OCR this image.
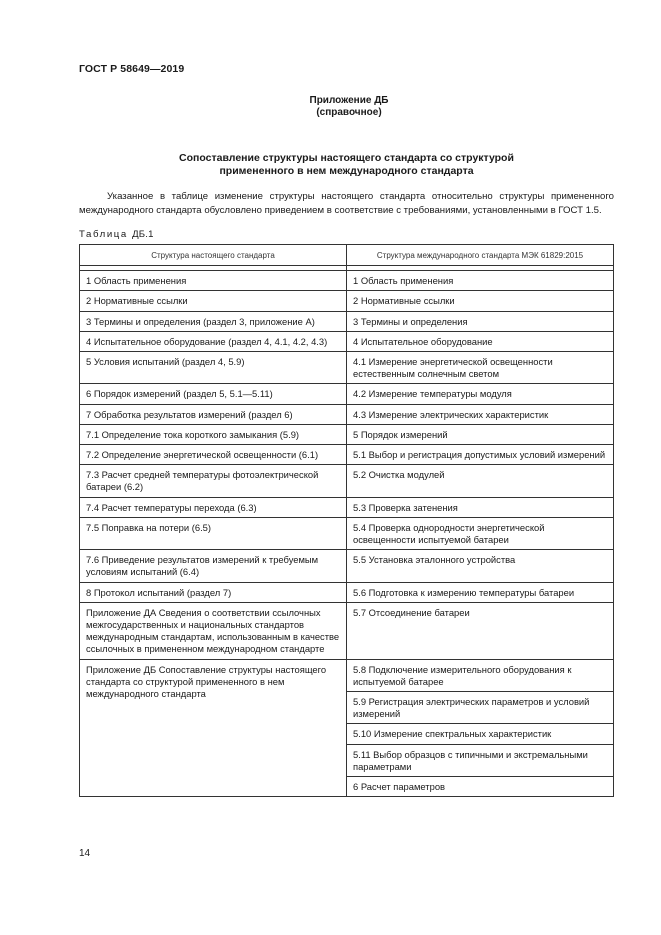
ГОСТ Р 58649—2019
Приложение ДБ
(справочное)
Сопоставление структуры настоящего стандарта со структурой
примененного в нем международного стандарта
Указанное в таблице изменение структуры настоящего стандарта относительно структуры примененного международного стандарта обусловлено приведением в соответствие с требованиями, установленными в ГОСТ 1.5.
Таблица ДБ.1
Структура настоящего стандарта	Структура международного стандарта МЭК 61829:2015

1 Область применения	1 Область применения
2 Нормативные ссылки	2 Нормативные ссылки
3 Термины и определения (раздел 3, приложение А)	3 Термины и определения
4 Испытательное оборудование (раздел 4, 4.1, 4.2, 4.3)	4 Испытательное оборудование
5 Условия испытаний (раздел 4, 5.9)	4.1 Измерение энергетической освещенности естественным солнечным светом
6 Порядок измерений (раздел 5, 5.1—5.11)	4.2 Измерение температуры модуля
7 Обработка результатов измерений (раздел 6)	4.3 Измерение электрических характеристик
7.1 Определение тока короткого замыкания (5.9)	5 Порядок измерений
7.2 Определение энергетической освещенности (6.1)	5.1 Выбор и регистрация допустимых условий измерений
7.3 Расчет средней температуры фотоэлектрической батареи (6.2)	5.2 Очистка модулей
7.4 Расчет температуры перехода (6.3)	5.3 Проверка затенения
7.5 Поправка на потери (6.5)	5.4 Проверка однородности энергетической освещенности испытуемой батареи
7.6 Приведение результатов измерений к требуемым условиям испытаний (6.4)	5.5 Установка эталонного устройства
8 Протокол испытаний (раздел 7)	5.6 Подготовка к измерению температуры батареи
Приложение ДА Сведения о соответствии ссылочных межгосударственных и национальных стандартов международным стандартам, использованным в качестве ссылочных в примененном международном стандарте	5.7 Отсоединение батареи
Приложение ДБ Сопоставление структуры настоящего стандарта со структурой примененного в нем международного стандарта	5.8 Подключение измерительного оборудования к испытуемой батарее
	5.9 Регистрация электрических параметров и условий измерений
	5.10 Измерение спектральных характеристик
	5.11 Выбор образцов с типичными и экстремальными параметрами
	6 Расчет параметров
14
